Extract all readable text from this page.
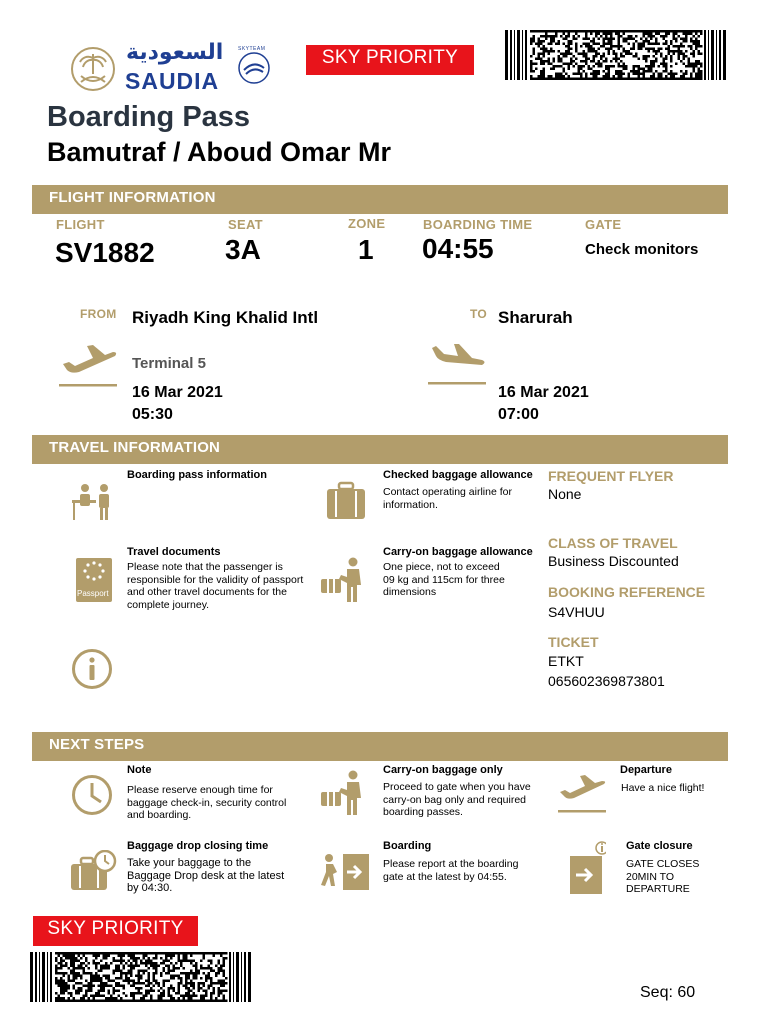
السعودية
SAUDIA
SKYTEAM	SKY PRIORITY
Boarding Pass
Bamutraf / Aboud Omar Mr
FLIGHT INFORMATION
FLIGHT
SV1882
SEAT
3A
ZONE
1
BOARDING TIME
04:55
GATE
Check monitors
FROM Riyadh King Khalid Intl
Terminal 5
16 Mar 2021
05:30
TO Sharurah
16 Mar 2021
07:00
TRAVEL INFORMATION
Boarding pass information	Checked baggage allowance
Contact operating airline for information.
Travel documents
Please note that the passenger is responsible for the validity of passport and other travel documents for the complete journey.
Passport
Carry-on baggage allowance
One piece, not to exceed 09 kg and 115cm for three dimensions
FREQUENT FLYER
None
CLASS OF TRAVEL
Business Discounted
BOOKING REFERENCE
S4VHUU
TICKET
ETKT
065602369873801
NEXT STEPS
Note
Please reserve enough time for baggage check-in, security control and boarding.
Carry-on baggage only
Proceed to gate when you have carry-on bag only and required boarding passes.
Departure
Have a nice flight!
Baggage drop closing time
Take your baggage to the Baggage Drop desk at the latest by 04:30.
Boarding
Please report at the boarding gate at the latest by 04:55.
Gate closure
GATE CLOSES 20MIN TO DEPARTURE
SKY PRIORITY
Seq: 60
